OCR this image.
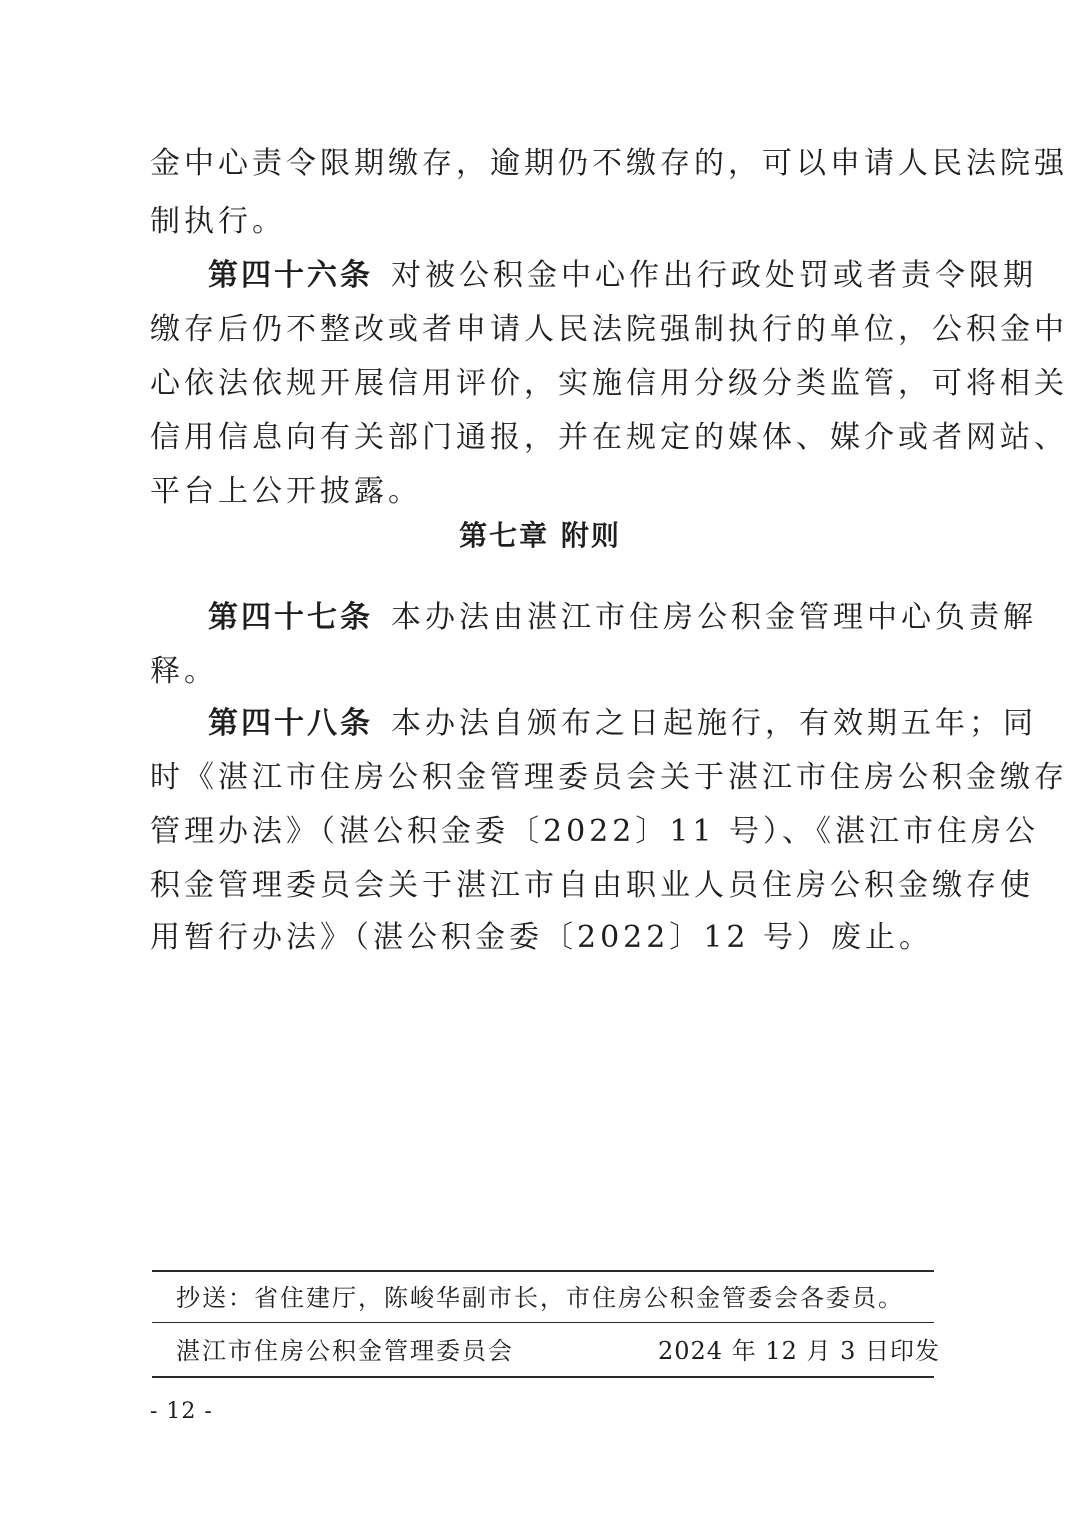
金中心责令限期缴存，逾期仍不缴存的，可以申请人民法院强
制执行。
第四十六条 对被公积金中心作出行政处罚或者责令限期
缴存后仍不整改或者申请人民法院强制执行的单位，公积金中
心依法依规开展信用评价，实施信用分级分类监管，可将相关
信用信息向有关部门通报，并在规定的媒体、媒介或者网站、
平台上公开披露。
第七章 附则
第四十七条 本办法由湛江市住房公积金管理中心负责解
释。
第四十八条 本办法自颁布之日起施行，有效期五年；同
时《湛江市住房公积金管理委员会关于湛江市住房公积金缴存
管理办法》（湛公积金委〔2022〕11 号）、《湛江市住房公
积金管理委员会关于湛江市自由职业人员住房公积金缴存使
用暂行办法》（湛公积金委〔2022〕12 号）废止。
抄送：省住建厅，陈峻华副市长，市住房公积金管委会各委员。
湛江市住房公积金管理委员会	2024 年 12 月 3 日印发
- 12 -
